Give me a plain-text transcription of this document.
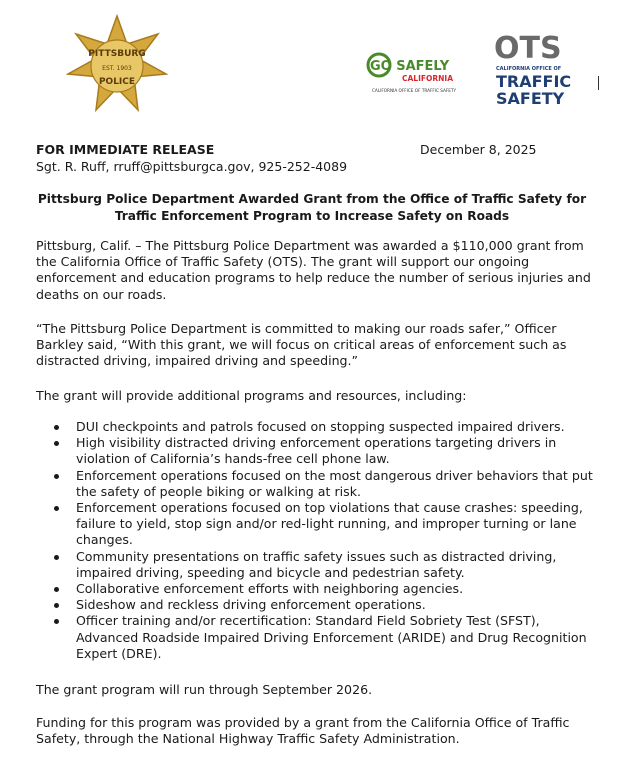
PITTSBURG
EST. 1903
POLICE
GO SAFELY
CALIFORNIA
CALIFORNIA OFFICE OF TRAFFIC SAFETY
OTS
CALIFORNIA OFFICE OF
TRAFFIC
SAFETY
FOR IMMEDIATE RELEASE	December 8, 2025
Sgt. R. Ruff, rruff@pittsburgca.gov, 925-252-4089
Pittsburg Police Department Awarded Grant from the Office of Traffic Safety for Traffic Enforcement Program to Increase Safety on Roads

Pittsburg, Calif. – The Pittsburg Police Department was awarded a $110,000 grant from the California Office of Traffic Safety (OTS). The grant will support our ongoing enforcement and education programs to help reduce the number of serious injuries and deaths on our roads.

“The Pittsburg Police Department is committed to making our roads safer,” Officer Barkley said, “With this grant, we will focus on critical areas of enforcement such as distracted driving, impaired driving and speeding.”

The grant will provide additional programs and resources, including:

DUI checkpoints and patrols focused on stopping suspected impaired drivers.
High visibility distracted driving enforcement operations targeting drivers in violation of California’s hands-free cell phone law.
Enforcement operations focused on the most dangerous driver behaviors that put the safety of people biking or walking at risk.
Enforcement operations focused on top violations that cause crashes: speeding, failure to yield, stop sign and/or red-light running, and improper turning or lane changes.
Community presentations on traffic safety issues such as distracted driving, impaired driving, speeding and bicycle and pedestrian safety.
Collaborative enforcement efforts with neighboring agencies.
Sideshow and reckless driving enforcement operations.
Officer training and/or recertification: Standard Field Sobriety Test (SFST), Advanced Roadside Impaired Driving Enforcement (ARIDE) and Drug Recognition Expert (DRE).

The grant program will run through September 2026.

Funding for this program was provided by a grant from the California Office of Traffic Safety, through the National Highway Traffic Safety Administration.
